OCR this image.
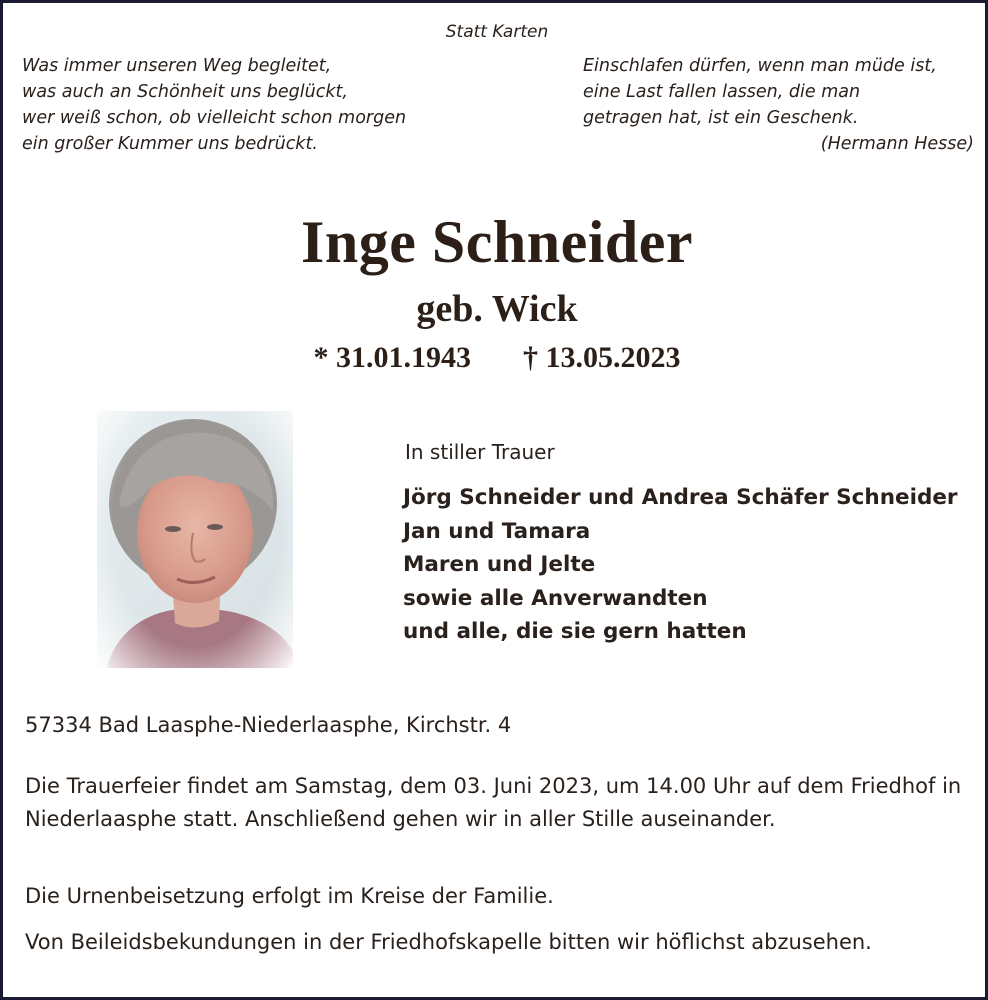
Statt Karten

Was immer unseren Weg begleitet,
was auch an Schönheit uns beglückt,
wer weiß schon, ob vielleicht schon morgen
ein großer Kummer uns bedrückt.
Einschlafen dürfen, wenn man müde ist,
eine Last fallen lassen, die man
getragen hat, ist ein Geschenk.
(Hermann Hesse)
Inge Schneider
geb. Wick
* 31.01.1943 † 13.05.2023

In stiller Trauer

Jörg Schneider und Andrea Schäfer Schneider
Jan und Tamara
Maren und Jelte
sowie alle Anverwandten
und alle, die sie gern hatten

57334 Bad Laasphe-Niederlaasphe, Kirchstr. 4

Die Trauerfeier findet am Samstag, dem 03. Juni 2023, um 14.00 Uhr auf dem Friedhof in Niederlaasphe statt. Anschließend gehen wir in aller Stille auseinander.

Die Urnenbeisetzung erfolgt im Kreise der Familie.

Von Beileidsbekundungen in der Friedhofskapelle bitten wir höflichst abzusehen.
